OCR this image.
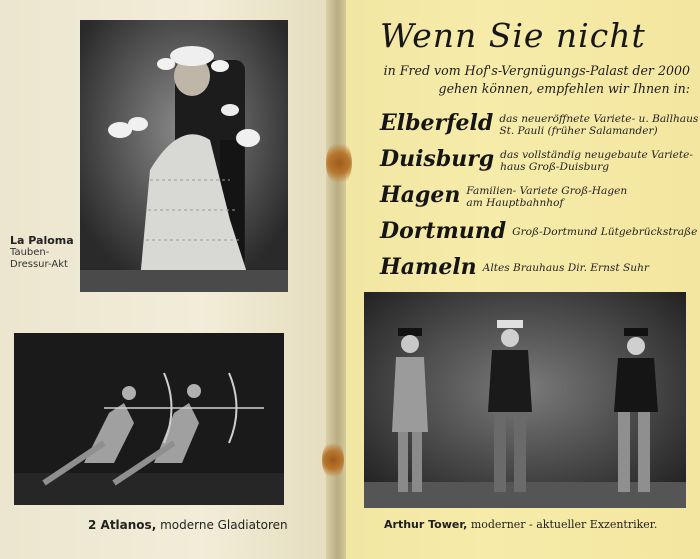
La Paloma
Tauben-
Dressur-Akt
2 Atlanos, moderne Gladiatoren
Wenn Sie nicht
in Fred vom Hof's-Vergnügungs-Palast der 2000 gehen können, empfehlen wir Ihnen in:
Elberfeld das neueröffnete Variete- u. Ballhaus
St. Pauli (früher Salamander)
Duisburg das vollständig neugebaute Variete-
haus Groß-Duisburg
Hagen Familien- Variete Groß-Hagen
am Hauptbahnhof
Dortmund Groß-Dortmund Lütgebrückstraße
Hameln Altes Brauhaus Dir. Ernst Suhr
Arthur Tower, moderner - aktueller Exzentriker.
